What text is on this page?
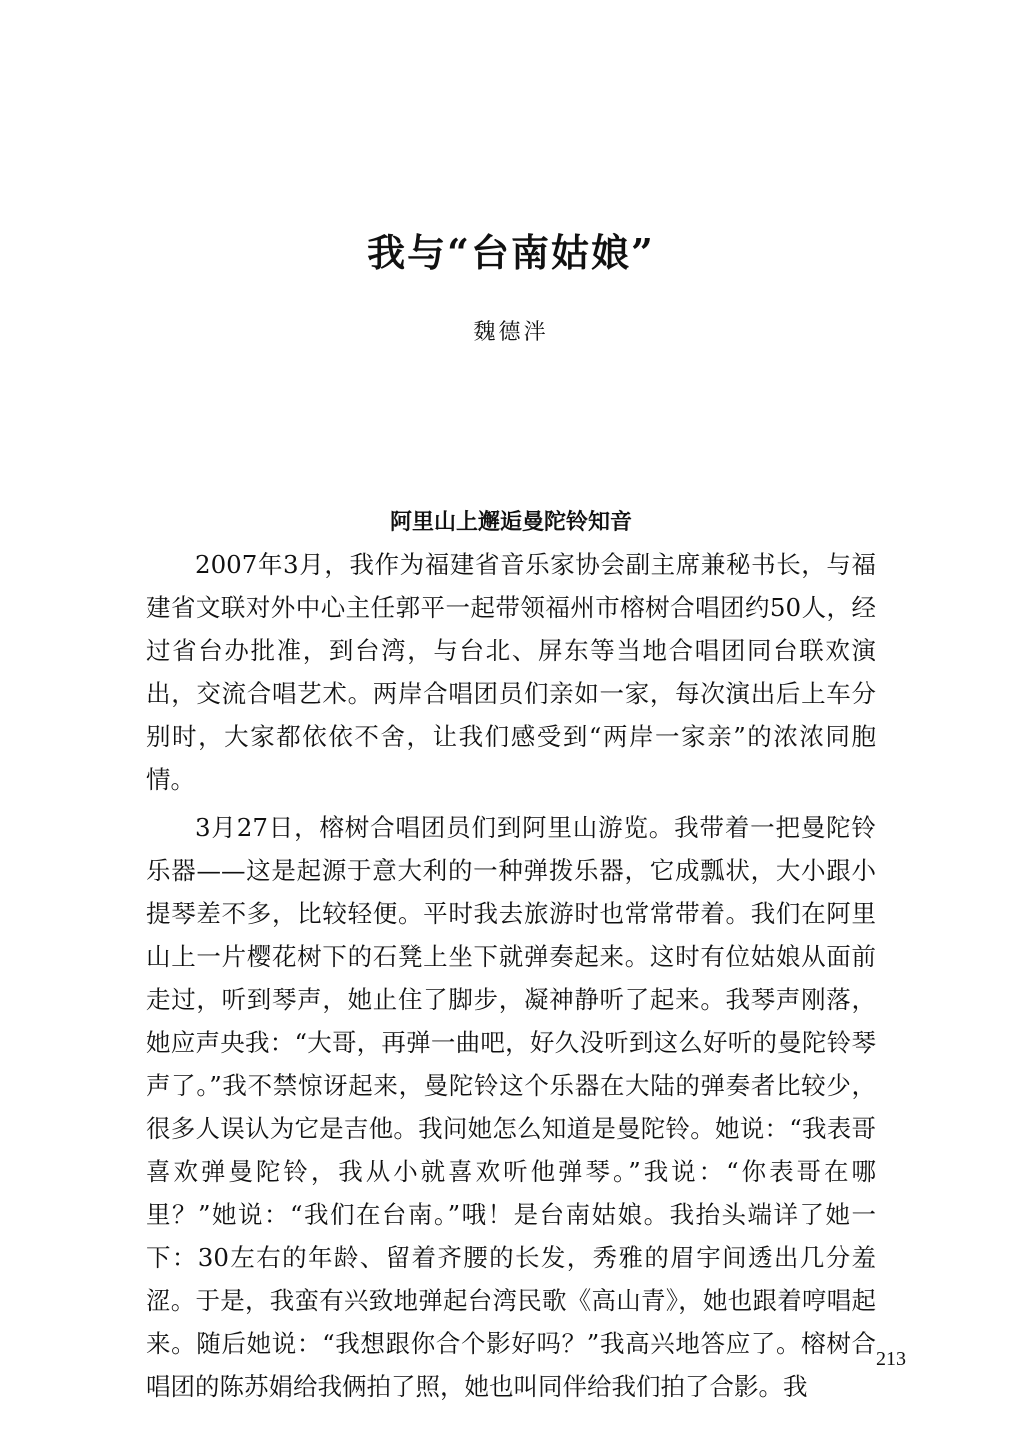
我与“台南姑娘”
魏德泮
阿里山上邂逅曼陀铃知音

2007年3月，我作为福建省音乐家协会副主席兼秘书长，与福建省文联对外中心主任郭平一起带领福州市榕树合唱团约50人，经过省台办批准，到台湾，与台北、屏东等当地合唱团同台联欢演出，交流合唱艺术。两岸合唱团员们亲如一家，每次演出后上车分别时，大家都依依不舍，让我们感受到“两岸一家亲”的浓浓同胞情。

3月27日，榕树合唱团员们到阿里山游览。我带着一把曼陀铃乐器——这是起源于意大利的一种弹拨乐器，它成瓢状，大小跟小提琴差不多，比较轻便。平时我去旅游时也常常带着。我们在阿里山上一片樱花树下的石凳上坐下就弹奏起来。这时有位姑娘从面前走过，听到琴声，她止住了脚步，凝神静听了起来。我琴声刚落，她应声央我：“大哥，再弹一曲吧，好久没听到这么好听的曼陀铃琴声了。”我不禁惊讶起来，曼陀铃这个乐器在大陆的弹奏者比较少，很多人误认为它是吉他。我问她怎么知道是曼陀铃。她说：“我表哥喜欢弹曼陀铃，我从小就喜欢听他弹琴。”我说：“你表哥在哪里？”她说：“我们在台南。”哦！是台南姑娘。我抬头端详了她一下：30左右的年龄、留着齐腰的长发，秀雅的眉宇间透出几分羞涩。于是，我蛮有兴致地弹起台湾民歌《高山青》，她也跟着哼唱起来。随后她说：“我想跟你合个影好吗？”我高兴地答应了。榕树合唱团的陈苏娟给我俩拍了照，她也叫同伴给我们拍了合影。我

213
